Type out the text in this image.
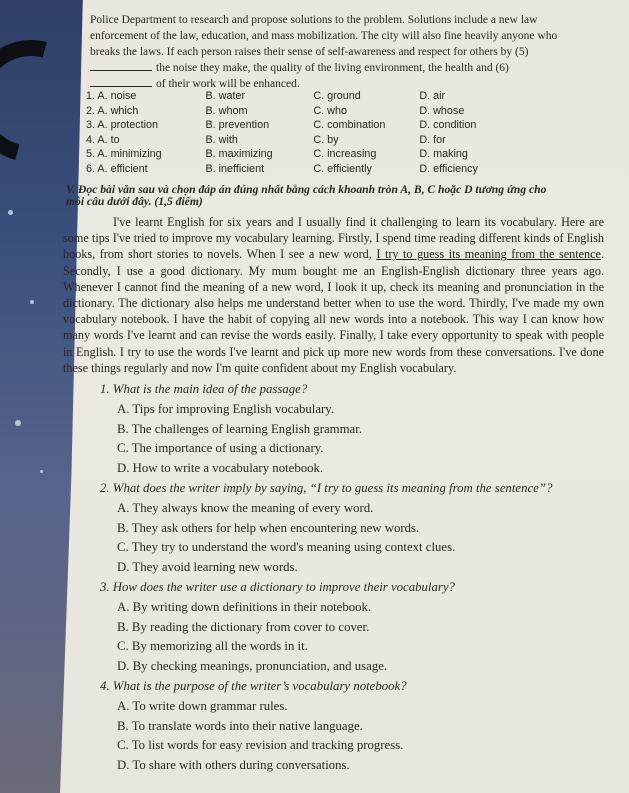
Police Department to research and propose solutions to the problem. Solutions include a new law
enforcement of the law, education, and mass mobilization. The city will also fine heavily anyone who
breaks the laws. If each person raises their sense of self-awareness and respect for others by (5)
the noise they make, the quality of the living environment, the health and (6)
of their work will be enhanced.
1. A. noise	B. water	C. ground	D. air
2. A. which	B. whom	C. who	D. whose
3. A. protection	B. prevention	C. combination	D. condition
4. A. to	B. with	C. by	D. for
5. A. minimizing	B. maximizing	C. increasing	D. making
6. A. efficient	B. inefficient	C. efficiently	D. efficiency
V. Đọc bài văn sau và chọn đáp án đúng nhất bằng cách khoanh tròn A, B, C hoặc D tương ứng cho
mỗi câu dưới đây. (1,5 điểm)
I've learnt English for six years and I usually find it challenging to learn its vocabulary. Here are some tips I've tried to improve my vocabulary learning. Firstly, I spend time reading different kinds of English books, from short stories to novels. When I see a new word, I try to guess its meaning from the sentence. Secondly, I use a good dictionary. My mum bought me an English-English dictionary three years ago. Whenever I cannot find the meaning of a new word, I look it up, check its meaning and pronunciation in the dictionary. The dictionary also helps me understand better when to use the word. Thirdly, I've made my own vocabulary notebook. I have the habit of copying all new words into a notebook. This way I can know how many words I've learnt and can revise the words easily. Finally, I take every opportunity to speak with people in English. I try to use the words I've learnt and pick up more new words from these conversations. I've done these things regularly and now I'm quite confident about my English vocabulary.

1. What is the main idea of the passage?

A. Tips for improving English vocabulary.

B. The challenges of learning English grammar.

C. The importance of using a dictionary.

D. How to write a vocabulary notebook.

2. What does the writer imply by saying, “I try to guess its meaning from the sentence”?

A. They always know the meaning of every word.

B. They ask others for help when encountering new words.

C. They try to understand the word's meaning using context clues.

D. They avoid learning new words.

3. How does the writer use a dictionary to improve their vocabulary?

A. By writing down definitions in their notebook.

B. By reading the dictionary from cover to cover.

C. By memorizing all the words in it.

D. By checking meanings, pronunciation, and usage.

4. What is the purpose of the writer’s vocabulary notebook?

A. To write down grammar rules.

B. To translate words into their native language.

C. To list words for easy revision and tracking progress.

D. To share with others during conversations.
